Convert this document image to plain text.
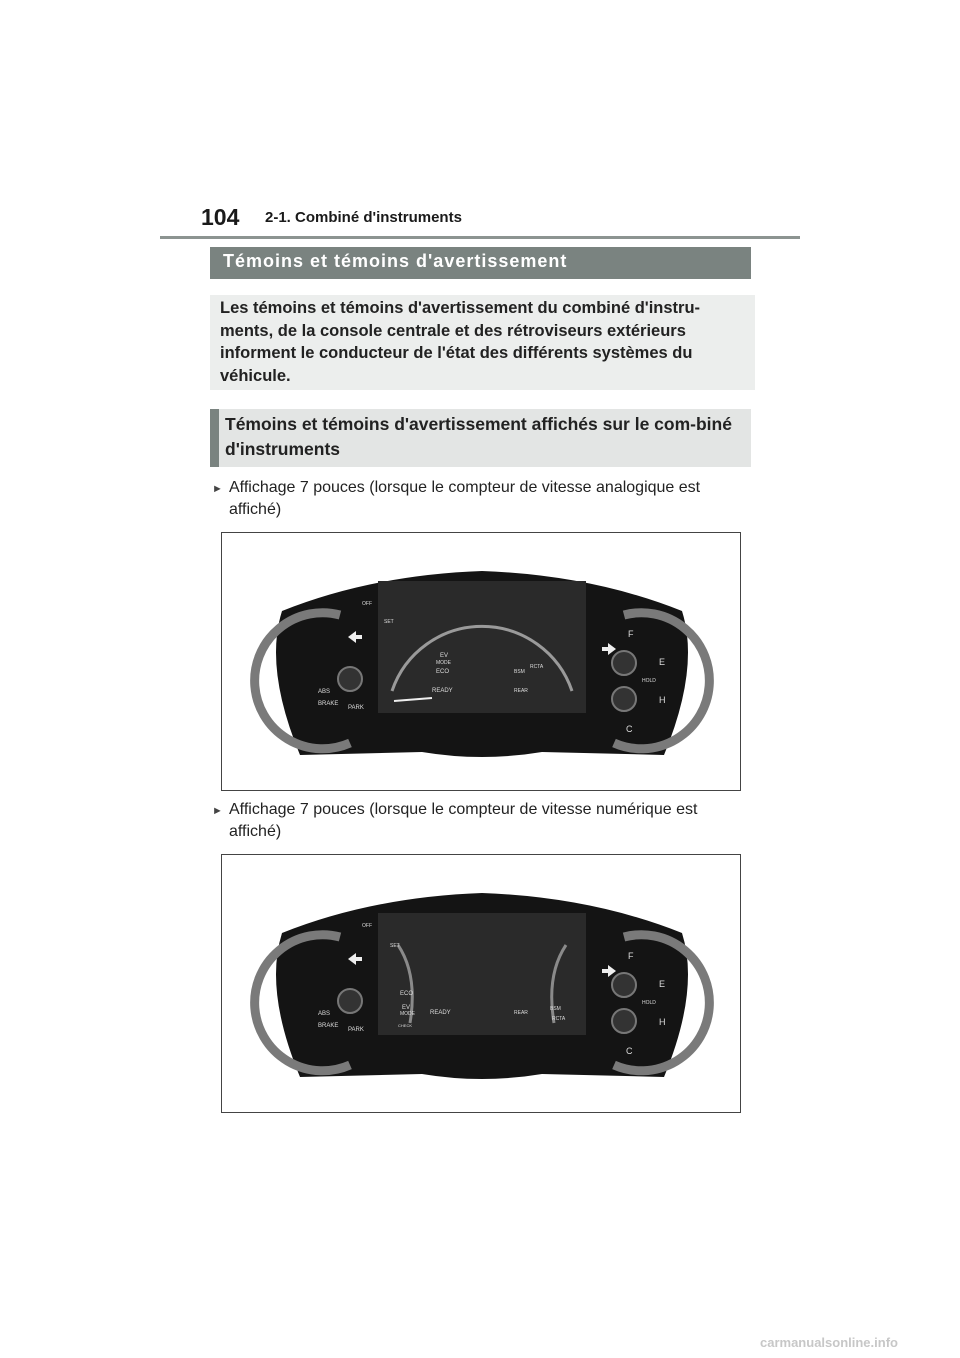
104 2-1. Combiné d'instruments
Témoins et témoins d'avertissement

Les témoins et témoins d'avertissement du combiné d'instru-ments, de la console centrale et des rétroviseurs extérieurs informent le conducteur de l'état des différents systèmes du véhicule.

Témoins et témoins d'avertissement affichés sur le com-biné d'instruments
► Affichage 7 pouces (lorsque le compteur de vitesse analogique est affiché)
ABS
BRAKE
PARK
OFF
SET
EV
MODE
ECO	BSM
RCTA
READY	REAR
HOLD
F
E
H
C
► Affichage 7 pouces (lorsque le compteur de vitesse numérique est affiché)
ABS
BRAKE
PARK
OFF
SET
ECO
EV
MODE
CHECK
READY	REAR
BSM
RCTA
HOLD
F
E
H
C
carmanualsonline.info
